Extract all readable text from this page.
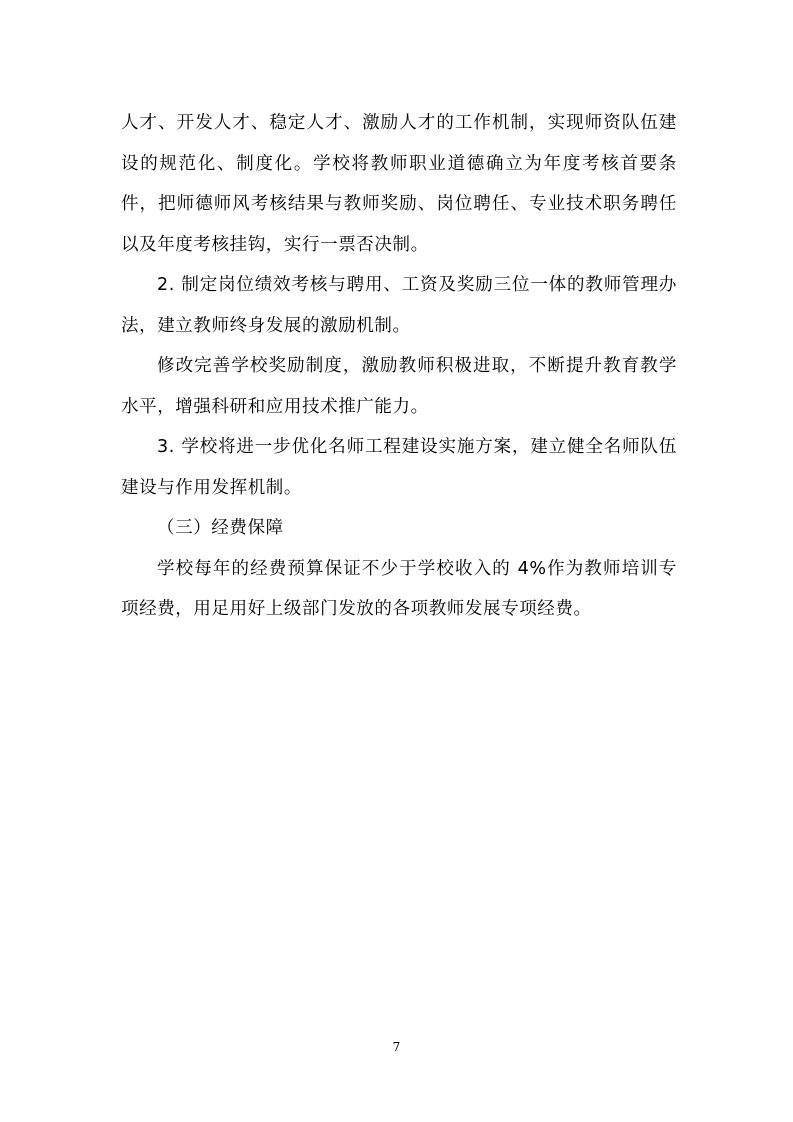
人才、开发人才、稳定人才、激励人才的工作机制，实现师资队伍建设的规范化、制度化。学校将教师职业道德确立为年度考核首要条件，把师德师风考核结果与教师奖励、岗位聘任、专业技术职务聘任以及年度考核挂钩，实行一票否决制。

2. 制定岗位绩效考核与聘用、工资及奖励三位一体的教师管理办法，建立教师终身发展的激励机制。

修改完善学校奖励制度，激励教师积极进取，不断提升教育教学水平，增强科研和应用技术推广能力。

3. 学校将进一步优化名师工程建设实施方案，建立健全名师队伍建设与作用发挥机制。

（三）经费保障

学校每年的经费预算保证不少于学校收入的 4%作为教师培训专项经费，用足用好上级部门发放的各项教师发展专项经费。

7
